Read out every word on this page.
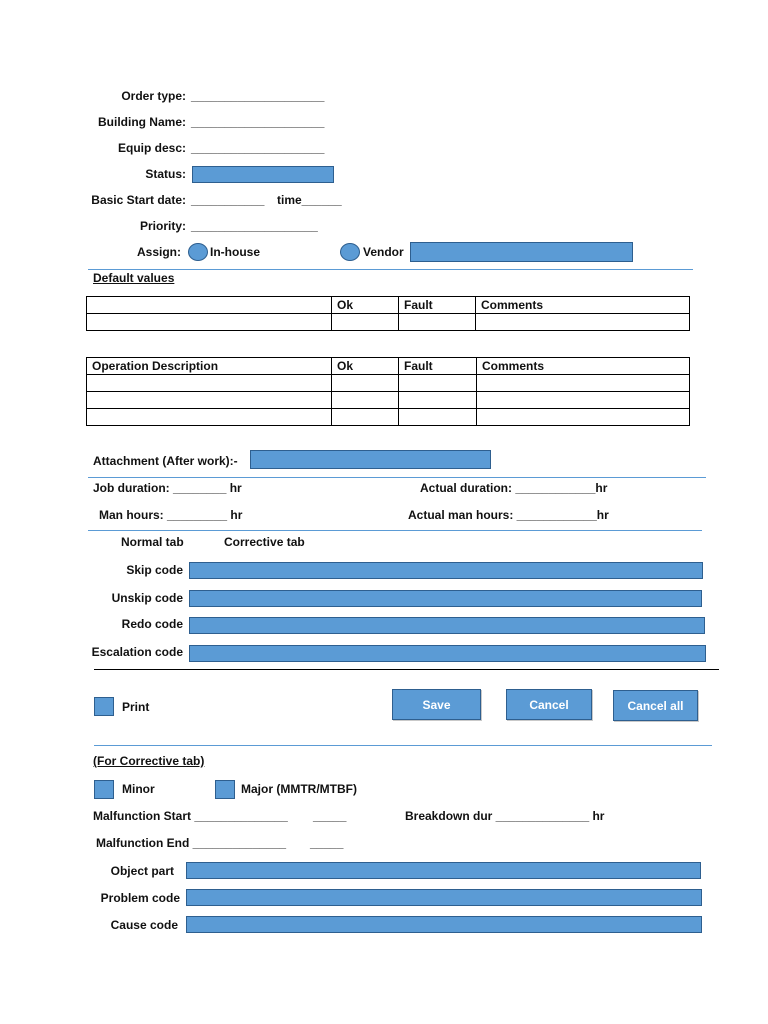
Order type: ____________________
Building Name: ____________________
Equip desc: ____________________
Status:
Basic Start date: ___________ time______
Priority: ___________________
Assign: In-house	Vendor
Default values
	Ok	Fault	Comments

Operation Description	Ok	Fault	Comments

Attachment (After work):-
Job duration: ________ hr	Actual duration: ____________hr
Man hours: _________ hr	Actual man hours: ____________hr
Normal tab	Corrective tab
Skip code
Unskip code
Redo code
Escalation code
Print	Save	Cancel	Cancel all
(For Corrective tab)
Minor	Major (MMTR/MTBF)
Malfunction Start ______________ _____	Breakdown dur ______________ hr
Malfunction End ______________ _____
Object part
Problem code
Cause code
